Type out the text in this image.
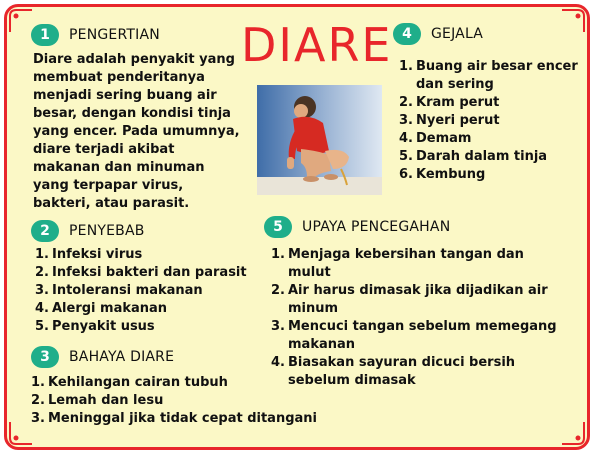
DIARE
1	PENGERTIAN
Diare adalah penyakit yang
membuat penderitanya
menjadi sering buang air
besar, dengan kondisi tinja
yang encer. Pada umumnya,
diare terjadi akibat
makanan dan minuman
yang terpapar virus,
bakteri, atau parasit.
4	GEJALA
1. Buang air besar encer dan sering
2. Kram perut
3. Nyeri perut
4. Demam
5. Darah dalam tinja
6. Kembung
2	PENYEBAB
1. Infeksi virus
2. Infeksi bakteri dan parasit
3. Intoleransi makanan
4. Alergi makanan
5. Penyakit usus
5	UPAYA PENCEGAHAN
1. Menjaga kebersihan tangan dan mulut
2. Air harus dimasak jika dijadikan air minum
3. Mencuci tangan sebelum memegang makanan
4. Biasakan sayuran dicuci bersih sebelum dimasak
3	BAHAYA DIARE
1. Kehilangan cairan tubuh
2. Lemah dan lesu
3. Meninggal jika tidak cepat ditangani
